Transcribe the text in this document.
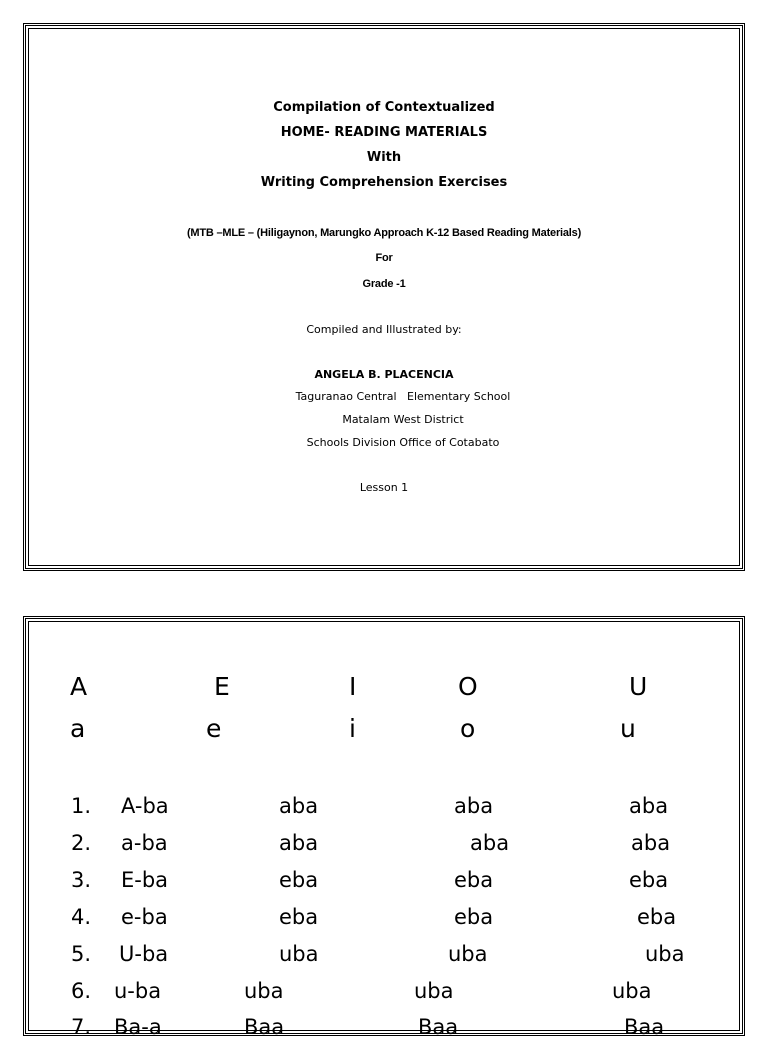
Compilation of Contextualized
HOME- READING MATERIALS
With
Writing Comprehension Exercises
(MTB –MLE – (Hiligaynon, Marungko Approach K-12 Based Reading Materials)
For
Grade -1
Compiled and Illustrated by:
ANGELA B. PLACENCIA
Taguranao Central   Elementary School
Matalam West District
Schools Division Office of Cotabato
Lesson 1
A	E	I	O	U
a	e	i	o	u
1. A-ba	aba	aba	aba
2. a-ba	aba	aba	aba
3. E-ba	eba	eba	eba
4. e-ba	eba	eba	eba
5. U-ba	uba	uba	uba
6. u-ba	uba	uba	uba
7. Ba-a	Baa	Baa	Baa
